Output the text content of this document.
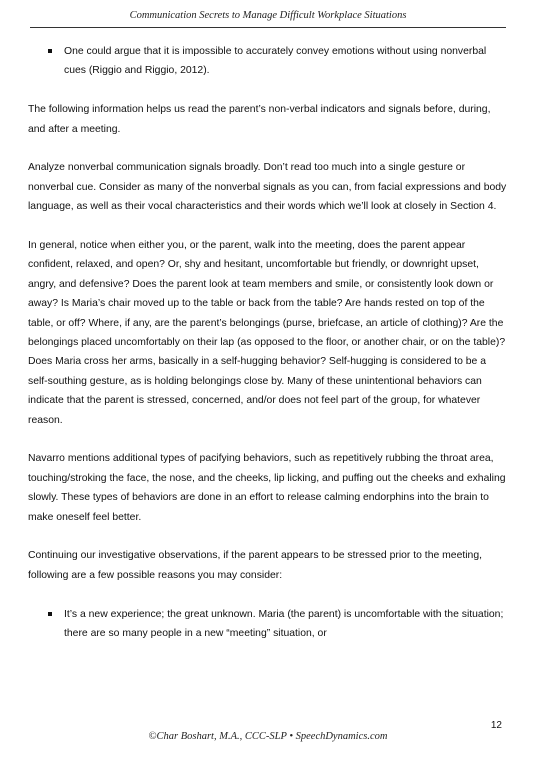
Communication Secrets to Manage Difficult Workplace Situations
One could argue that it is impossible to accurately convey emotions without using nonverbal cues (Riggio and Riggio, 2012).

The following information helps us read the parent’s non-verbal indicators and signals before, during, and after a meeting.

Analyze nonverbal communication signals broadly. Don’t read too much into a single gesture or nonverbal cue. Consider as many of the nonverbal signals as you can, from facial expressions and body language, as well as their vocal characteristics and their words which we’ll look at closely in Section 4.

In general, notice when either you, or the parent, walk into the meeting, does the parent appear confident, relaxed, and open? Or, shy and hesitant, uncomfortable but friendly, or downright upset, angry, and defensive? Does the parent look at team members and smile, or consistently look down or away? Is Maria’s chair moved up to the table or back from the table? Are hands rested on top of the table, or off? Where, if any, are the parent’s belongings (purse, briefcase, an article of clothing)? Are the belongings placed uncomfortably on their lap (as opposed to the floor, or another chair, or on the table)? Does Maria cross her arms, basically in a self-hugging behavior? Self-hugging is considered to be a self-southing gesture, as is holding belongings close by. Many of these unintentional behaviors can indicate that the parent is stressed, concerned, and/or does not feel part of the group, for whatever reason.

Navarro mentions additional types of pacifying behaviors, such as repetitively rubbing the throat area, touching/stroking the face, the nose, and the cheeks, lip licking, and puffing out the cheeks and exhaling slowly. These types of behaviors are done in an effort to release calming endorphins into the brain to make oneself feel better.

Continuing our investigative observations, if the parent appears to be stressed prior to the meeting, following are a few possible reasons you may consider:

It’s a new experience; the great unknown. Maria (the parent) is uncomfortable with the situation; there are so many people in a new “meeting” situation, or
12
©Char Boshart, M.A., CCC-SLP • SpeechDynamics.com
